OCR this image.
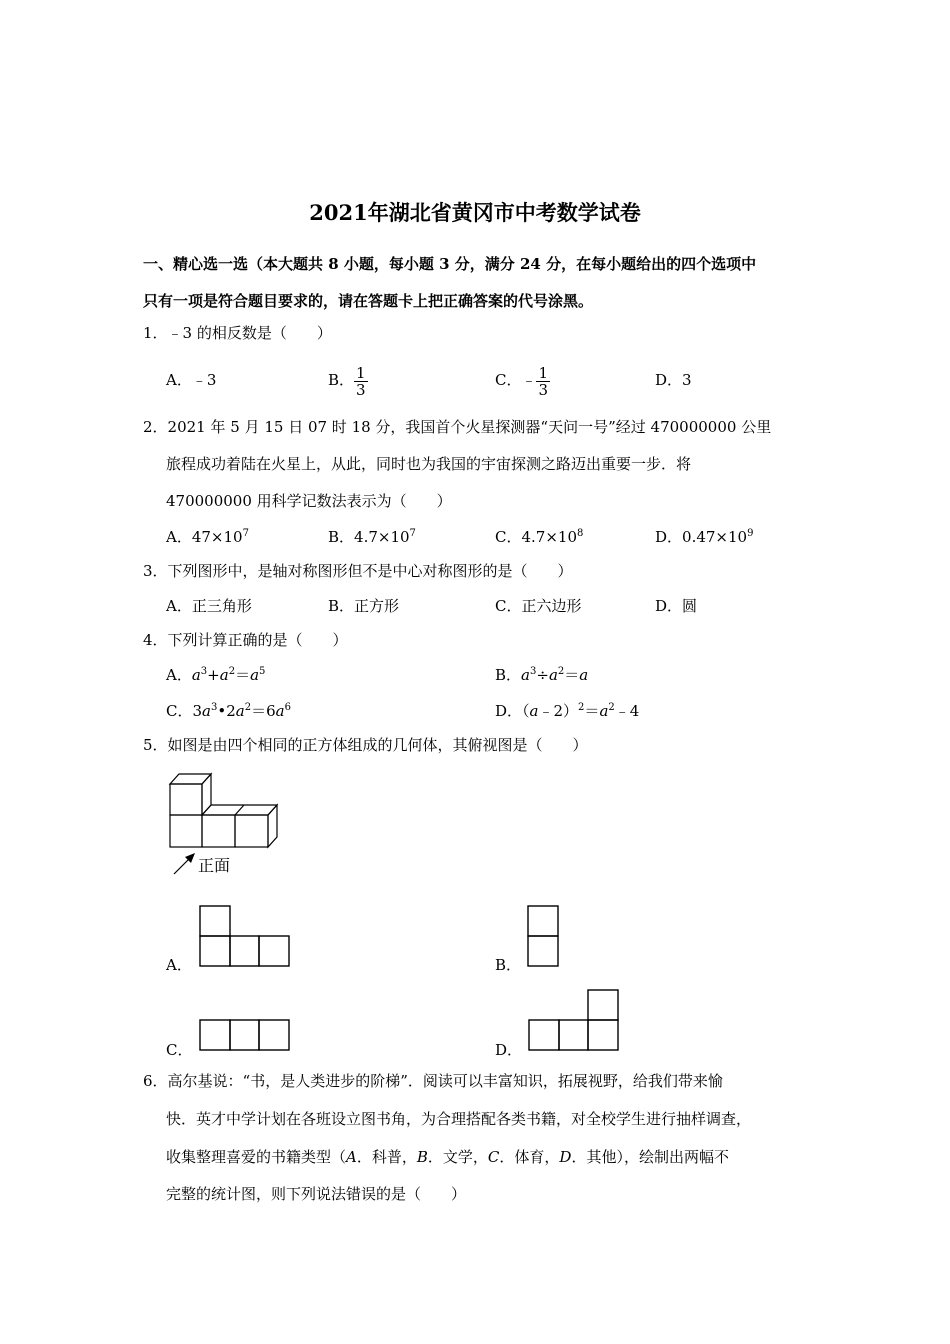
2021年湖北省黄冈市中考数学试卷
一、精心选一选（本大题共 8 小题，每小题 3 分，满分 24 分，在每小题给出的四个选项中
只有一项是符合题目要求的，请在答题卡上把正确答案的代号涂黑。
1．﹣3 的相反数是（　　）
A．﹣3	B． $\frac{1}{3}$	C．﹣ $\frac{1}{3}$	D．3
2．2021 年 5 月 15 日 07 时 18 分，我国首个火星探测器“天问一号”经过 470000000 公里
旅程成功着陆在火星上，从此，同时也为我国的宇宙探测之路迈出重要一步．将
470000000 用科学记数法表示为（　　）
A．$47\times 10^7$	B．$4.7\times 10^7$	C．$4.7\times 10^8$	D．$0.47\times 10^9$
3．下列图形中，是轴对称图形但不是中心对称图形的是（　　）
A．正三角形	B．正方形	C．正六边形	D．圆
4．下列计算正确的是（　　）
A．$a^3+a^2=a^5$	B．$a^3\div a^2=a$
C．$3a^3•2a^2=6a^6$	D．$(a﹣2)^2=a^2﹣4$
5．如图是由四个相同的正方体组成的几何体，其俯视图是（　　）
正面
A．	B．
C．	D．
6．高尔基说：“书，是人类进步的阶梯”．阅读可以丰富知识，拓展视野，给我们带来愉
快．英才中学计划在各班设立图书角，为合理搭配各类书籍，对全校学生进行抽样调查，
收集整理喜爱的书籍类型（A．科普，B．文学，C．体育，D．其他），绘制出两幅不
完整的统计图，则下列说法错误的是（　　）
